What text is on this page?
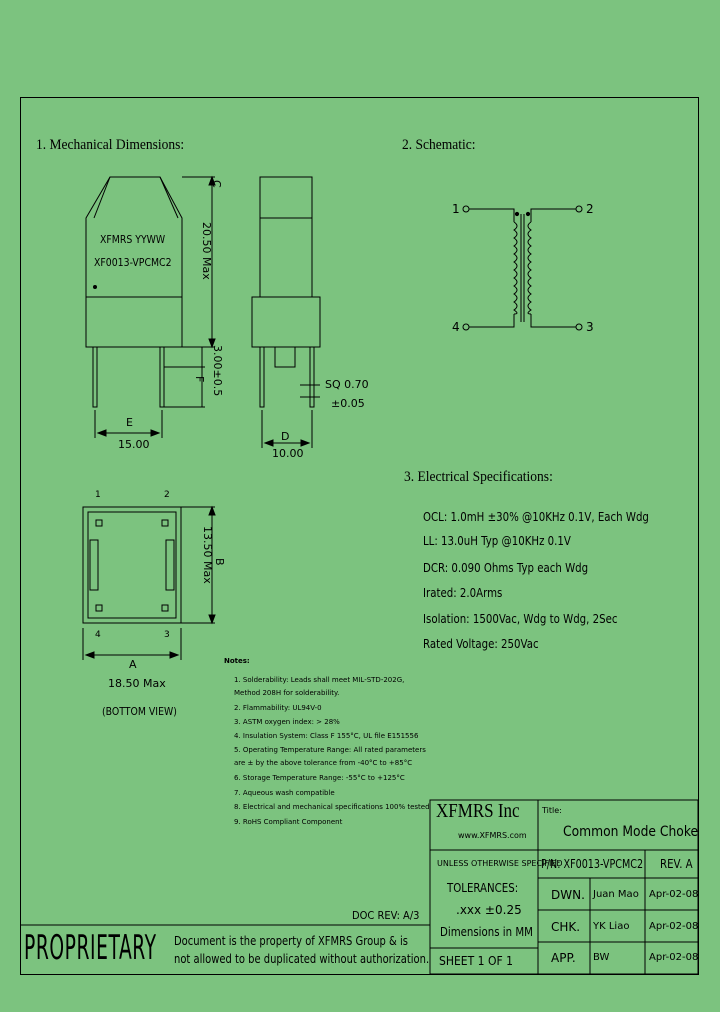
1. Mechanical Dimensions:	2. Schematic:
3. Electrical Specifications:
XFMRS YYWW
XF0013-VPCMC2
C
20.50 Max
F 3.00±0.5	SQ 0.70
±0.05
E
15.00
D
10.00
1	2
4	3
B
13.50 Max
A
18.50 Max
(BOTTOM VIEW)
1	2
3
4
OCL: 1.0mH ±30% @10KHz 0.1V, Each Wdg
LL: 13.0uH Typ @10KHz 0.1V
DCR: 0.090 Ohms Typ each Wdg
Irated: 2.0Arms
Isolation: 1500Vac, Wdg to Wdg, 2Sec
Rated Voltage: 250Vac
Notes:
1. Solderability: Leads shall meet MIL-STD-202G,
Method 208H for solderability.
2. Flammability: UL94V-0
3. ASTM oxygen index: > 28%
4. Insulation System: Class F 155°C, UL file E151556
5. Operating Temperature Range: All rated parameters
are ± by the above tolerance from -40°C to +85°C
6. Storage Temperature Range: -55°C to +125°C
7. Aqueous wash compatible
8. Electrical and mechanical specifications 100% tested
9. RoHS Compliant Component
DOC REV: A/3
XFMRS Inc
www.XFMRS.com
Title:
Common Mode Choke
UNLESS OTHERWISE SPECIFIED
TOLERANCES:
.xxx ±0.25
Dimensions in MM
SHEET 1 OF 1
P/N: XF0013-VPCMC2 REV. A
DWN. Juan Mao Apr-02-08
CHK. YK Liao Apr-02-08
APP. BW	Apr-02-08
PROPRIETARY Document is the property of XFMRS Group & is
not allowed to be duplicated without authorization.
